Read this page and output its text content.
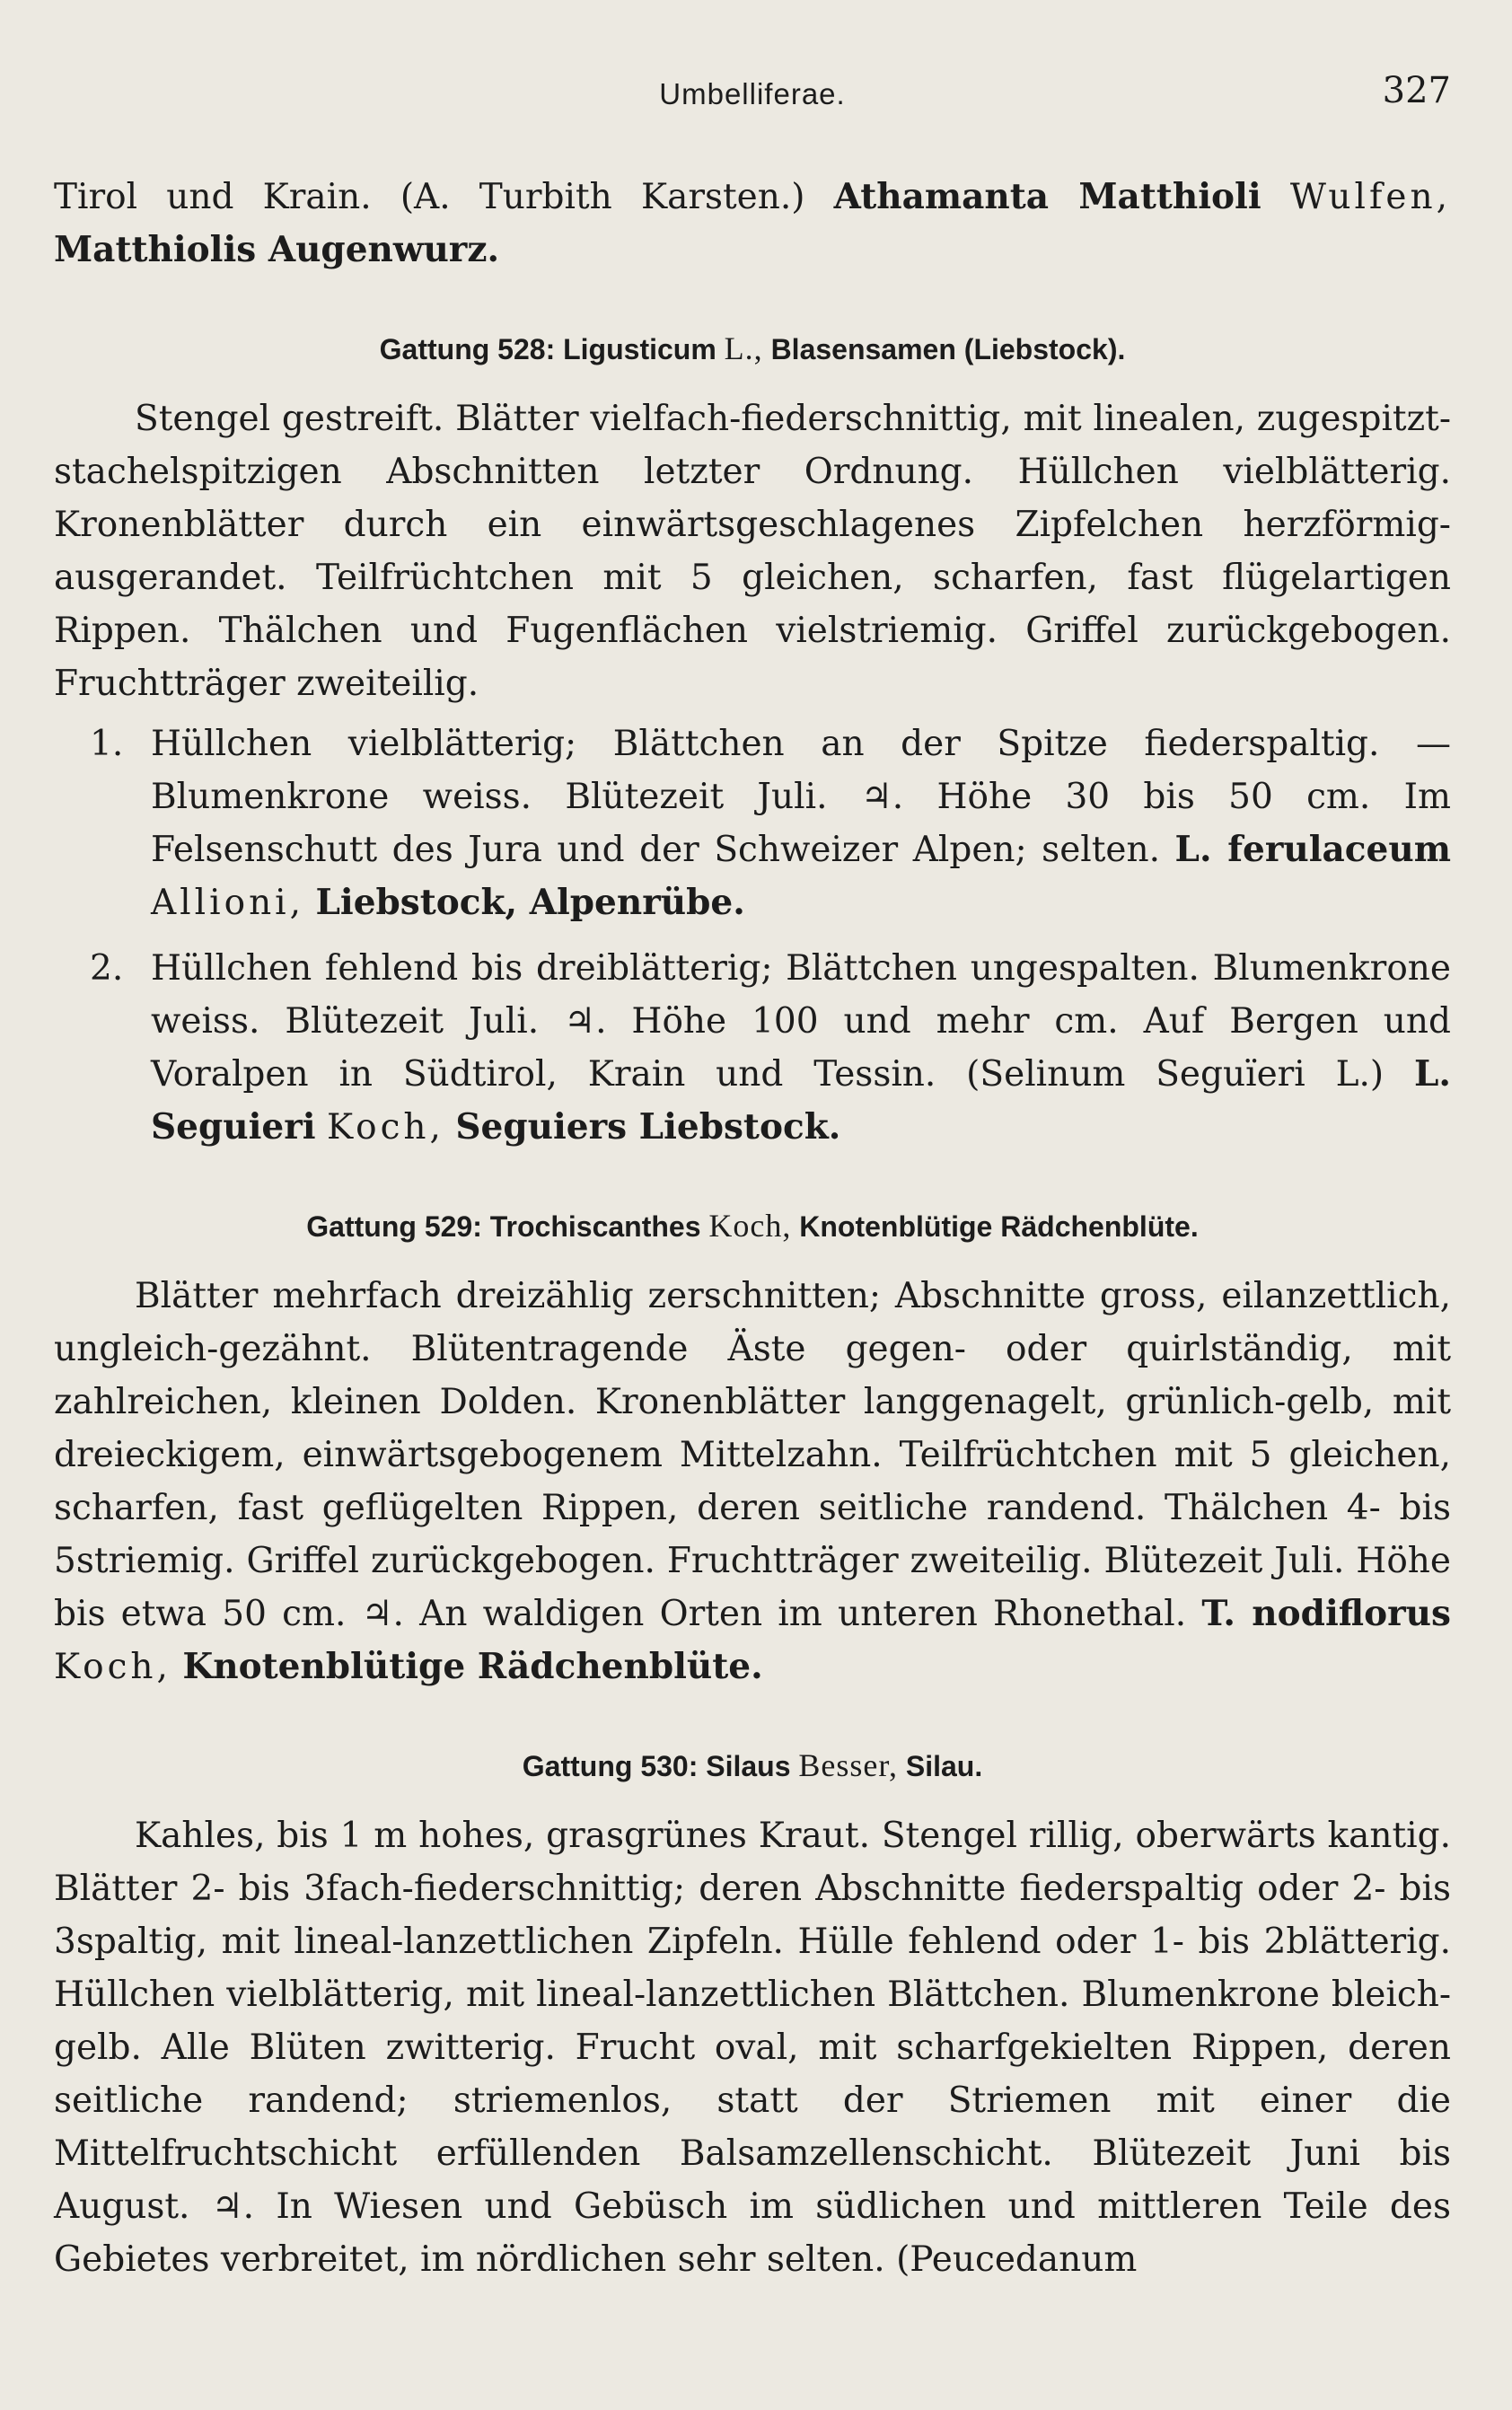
Umbelliferae.	327

Tirol und Krain. (A. Turbith Karsten.) Athamanta Matthioli Wulfen, Matthiolis Augenwurz.

Gattung 528: Ligusticum L., Blasensamen (Liebstock).

Stengel gestreift. Blätter vielfach-fiederschnittig, mit linealen, zugespitzt-stachelspitzigen Abschnitten letzter Ordnung. Hüllchen vielblätterig. Kronenblätter durch ein einwärtsgeschlagenes Zipfelchen herzförmig-ausgerandet. Teilfrüchtchen mit 5 gleichen, scharfen, fast flügelartigen Rippen. Thälchen und Fugenflächen vielstriemig. Griffel zurückgebogen. Fruchtträger zweiteilig.

1. Hüllchen vielblätterig; Blättchen an der Spitze fiederspaltig. — Blumenkrone weiss. Blütezeit Juli. ♃. Höhe 30 bis 50 cm. Im Felsenschutt des Jura und der Schweizer Alpen; selten. L. ferulaceum Allioni, Liebstock, Alpenrübe.
2. Hüllchen fehlend bis dreiblätterig; Blättchen ungespalten. Blumenkrone weiss. Blütezeit Juli. ♃. Höhe 100 und mehr cm. Auf Bergen und Voralpen in Südtirol, Krain und Tessin. (Selinum Seguïeri L.) L. Seguieri Koch, Seguiers Liebstock.
Gattung 529: Trochiscanthes Koch, Knotenblütige Rädchenblüte.

Blätter mehrfach dreizählig zerschnitten; Abschnitte gross, eilanzettlich, ungleich-gezähnt. Blütentragende Äste gegen- oder quirlständig, mit zahlreichen, kleinen Dolden. Kronenblätter langgenagelt, grünlich-gelb, mit dreieckigem, einwärtsgebogenem Mittelzahn. Teilfrüchtchen mit 5 gleichen, scharfen, fast geflügelten Rippen, deren seitliche randend. Thälchen 4- bis 5striemig. Griffel zurückgebogen. Fruchtträger zweiteilig. Blütezeit Juli. Höhe bis etwa 50 cm. ♃. An waldigen Orten im unteren Rhonethal. T. nodiflorus Koch, Knotenblütige Rädchenblüte.

Gattung 530: Silaus Besser, Silau.

Kahles, bis 1 m hohes, grasgrünes Kraut. Stengel rillig, oberwärts kantig. Blätter 2- bis 3fach-fiederschnittig; deren Abschnitte fiederspaltig oder 2- bis 3spaltig, mit lineal-lanzettlichen Zipfeln. Hülle fehlend oder 1- bis 2blätterig. Hüllchen vielblätterig, mit lineal-lanzettlichen Blättchen. Blumenkrone bleich-gelb. Alle Blüten zwitterig. Frucht oval, mit scharfgekielten Rippen, deren seitliche randend; striemenlos, statt der Striemen mit einer die Mittelfruchtschicht erfüllenden Balsamzellenschicht. Blütezeit Juni bis August. ♃. In Wiesen und Gebüsch im südlichen und mittleren Teile des Gebietes verbreitet, im nördlichen sehr selten. (Peucedanum
